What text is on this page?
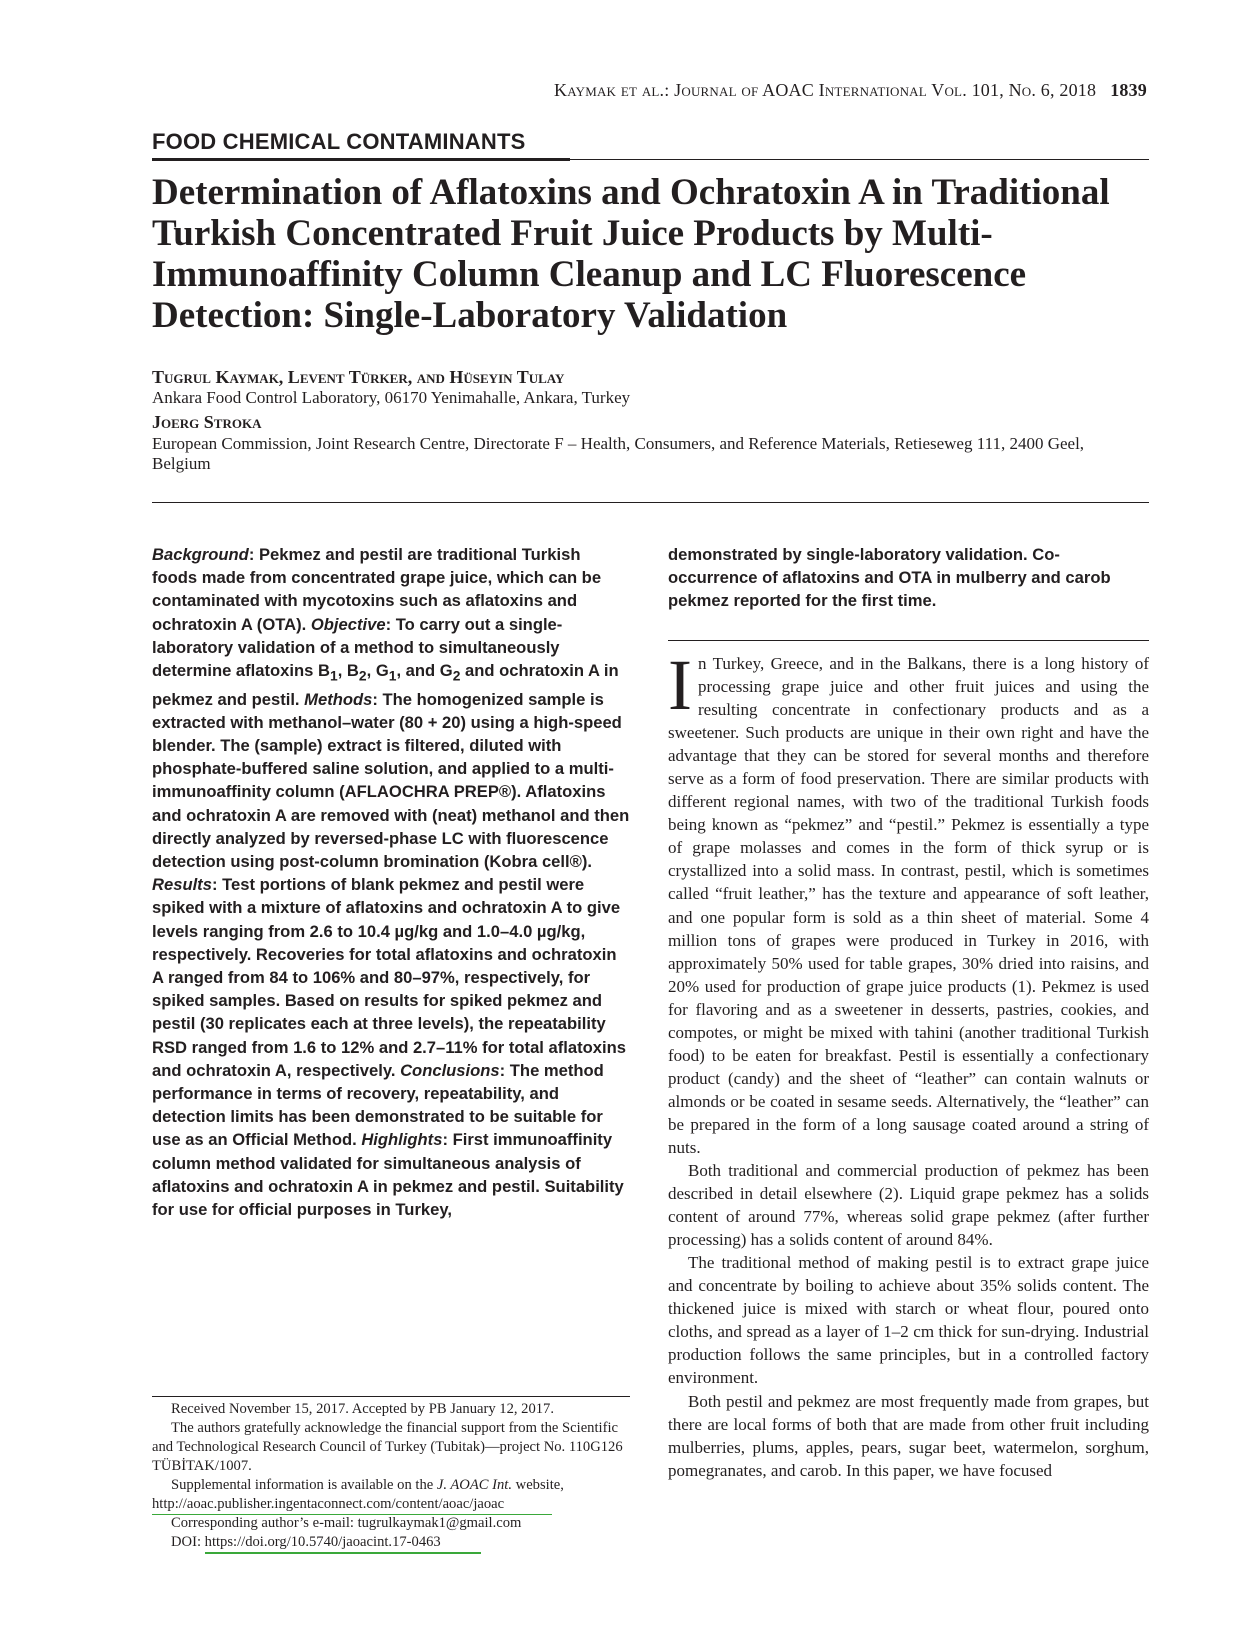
Kaymak et al.: Journal of AOAC International Vol. 101, No. 6, 2018 1839
FOOD CHEMICAL CONTAMINANTS
Determination of Aflatoxins and Ochratoxin A in Traditional Turkish Concentrated Fruit Juice Products by Multi-Immunoaffinity Column Cleanup and LC Fluorescence Detection: Single-Laboratory Validation
Tugrul Kaymak, Levent Türker, and Hüseyin Tulay
Ankara Food Control Laboratory, 06170 Yenimahalle, Ankara, Turkey
Joerg Stroka
European Commission, Joint Research Centre, Directorate F – Health, Consumers, and Reference Materials, Retieseweg 111, 2400 Geel, Belgium
Background: Pekmez and pestil are traditional Turkish foods made from concentrated grape juice, which can be contaminated with mycotoxins such as aflatoxins and ochratoxin A (OTA). Objective: To carry out a single-laboratory validation of a method to simultaneously determine aflatoxins $B_1$, $B_2$, $G_1$, and $G_2$ and ochratoxin A in pekmez and pestil. Methods: The homogenized sample is extracted with methanol–water (80 + 20) using a high-speed blender. The (sample) extract is filtered, diluted with phosphate-buffered saline solution, and applied to a multi-immunoaffinity column (AFLAOCHRA PREP®). Aflatoxins and ochratoxin A are removed with (neat) methanol and then directly analyzed by reversed-phase LC with fluorescence detection using post-column bromination (Kobra cell®). Results: Test portions of blank pekmez and pestil were spiked with a mixture of aflatoxins and ochratoxin A to give levels ranging from 2.6 to 10.4 µg/kg and 1.0–4.0 µg/kg, respectively. Recoveries for total aflatoxins and ochratoxin A ranged from 84 to 106% and 80–97%, respectively, for spiked samples. Based on results for spiked pekmez and pestil (30 replicates each at three levels), the repeatability RSD ranged from 1.6 to 12% and 2.7–11% for total aflatoxins and ochratoxin A, respectively. Conclusions: The method performance in terms of recovery, repeatability, and detection limits has been demonstrated to be suitable for use as an Official Method. Highlights: First immunoaffinity column method validated for simultaneous analysis of aflatoxins and ochratoxin A in pekmez and pestil. Suitability for use for official purposes in Turkey,
demonstrated by single-laboratory validation. Co-occurrence of aflatoxins and OTA in mulberry and carob pekmez reported for the first time.

In Turkey, Greece, and in the Balkans, there is a long history of processing grape juice and other fruit juices and using the resulting concentrate in confectionary products and as a sweetener. Such products are unique in their own right and have the advantage that they can be stored for several months and therefore serve as a form of food preservation. There are similar products with different regional names, with two of the traditional Turkish foods being known as “pekmez” and “pestil.” Pekmez is essentially a type of grape molasses and comes in the form of thick syrup or is crystallized into a solid mass. In contrast, pestil, which is sometimes called “fruit leather,” has the texture and appearance of soft leather, and one popular form is sold as a thin sheet of material. Some 4 million tons of grapes were produced in Turkey in 2016, with approximately 50% used for table grapes, 30% dried into raisins, and 20% used for production of grape juice products (1). Pekmez is used for flavoring and as a sweetener in desserts, pastries, cookies, and compotes, or might be mixed with tahini (another traditional Turkish food) to be eaten for breakfast. Pestil is essentially a confectionary product (candy) and the sheet of “leather” can contain walnuts or almonds or be coated in sesame seeds. Alternatively, the “leather” can be prepared in the form of a long sausage coated around a string of nuts.

Both traditional and commercial production of pekmez has been described in detail elsewhere (2). Liquid grape pekmez has a solids content of around 77%, whereas solid grape pekmez (after further processing) has a solids content of around 84%.

The traditional method of making pestil is to extract grape juice and concentrate by boiling to achieve about 35% solids content. The thickened juice is mixed with starch or wheat flour, poured onto cloths, and spread as a layer of 1–2 cm thick for sun-drying. Industrial production follows the same principles, but in a controlled factory environment.

Both pestil and pekmez are most frequently made from grapes, but there are local forms of both that are made from other fruit including mulberries, plums, apples, pears, sugar beet, watermelon, sorghum, pomegranates, and carob. In this paper, we have focused

Received November 15, 2017. Accepted by PB January 12, 2017.

The authors gratefully acknowledge the financial support from the Scientific and Technological Research Council of Turkey (Tubitak)—project No. 110G126 TÜBİTAK/1007.

Supplemental information is available on the J. AOAC Int. website, http://aoac.publisher.ingentaconnect.com/content/aoac/jaoac

Corresponding author’s e-mail: tugrulkaymak1@gmail.com

DOI: https://doi.org/10.5740/jaoacint.17-0463
